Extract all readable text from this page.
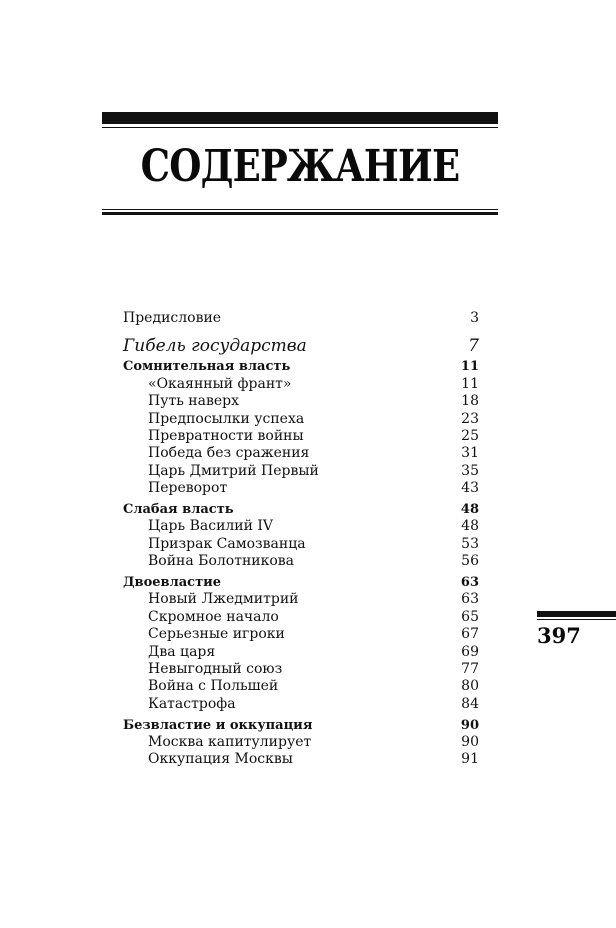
СОДЕРЖАНИЕ
Предисловие	3
Гибель государства	7
Сомнительная власть	11
«Окаянный франт»	11
Путь наверх	18
Предпосылки успеха	23
Превратности войны	25
Победа без сражения	31
Царь Дмитрий Первый	35
Переворот	43
Слабая власть	48
Царь Василий IV	48
Призрак Самозванца	53
Война Болотникова	56
Двоевластие	63
Новый Лжедмитрий	63
Скромное начало	65
Серьезные игроки	67
Два царя	69
Невыгодный союз	77
Война с Польшей	80
Катастрофа	84
Безвластие и оккупация	90
Москва капитулирует	90
Оккупация Москвы	91
397
